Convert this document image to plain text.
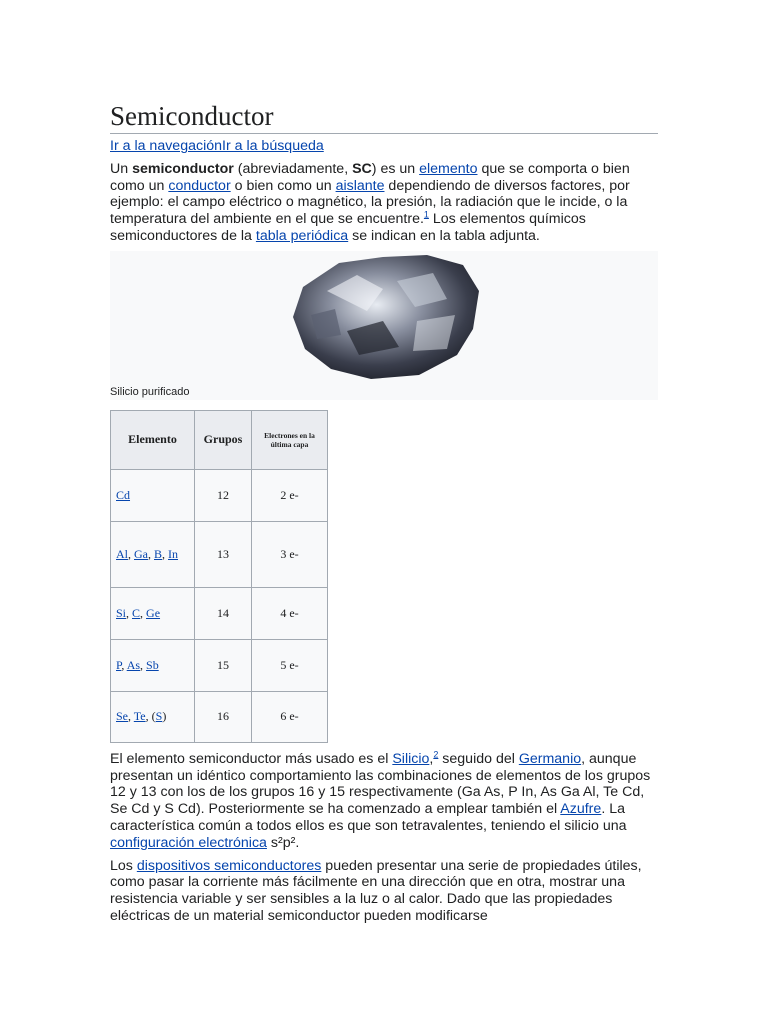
Semiconductor
Ir a la navegaciónIr a la búsqueda

Un semiconductor (abreviadamente, SC) es un elemento que se comporta o bien como un conductor o bien como un aislante dependiendo de diversos factores, por ejemplo: el campo eléctrico o magnético, la presión, la radiación que le incide, o la temperatura del ambiente en el que se encuentre.$^1$ Los elementos químicos semiconductores de la tabla periódica se indican en la tabla adjunta.

Silicio purificado
Elemento	Grupos	Electrones en la última capa
Cd	12	2 e-
Al, Ga, B, In	13	3 e-
Si, C, Ge	14	4 e-
P, As, Sb	15	5 e-
Se, Te, (S)	16	6 e-

El elemento semiconductor más usado es el Silicio,$^2$ seguido del Germanio, aunque presentan un idéntico comportamiento las combinaciones de elementos de los grupos 12 y 13 con los de los grupos 16 y 15 respectivamente (Ga As, P In, As Ga Al, Te Cd, Se Cd y S Cd). Posteriormente se ha comenzado a emplear también el Azufre. La característica común a todos ellos es que son tetravalentes, teniendo el silicio una configuración electrónica s²p².

Los dispositivos semiconductores pueden presentar una serie de propiedades útiles, como pasar la corriente más fácilmente en una dirección que en otra, mostrar una resistencia variable y ser sensibles a la luz o al calor. Dado que las propiedades eléctricas de un material semiconductor pueden modificarse
